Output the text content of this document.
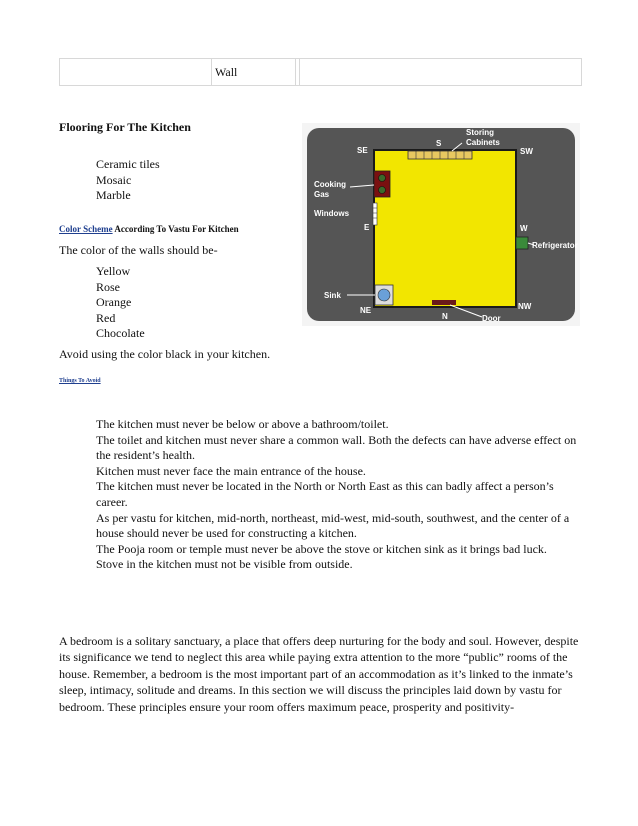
Wall
Flooring For The Kitchen
Ceramic tiles
Mosaic
Marble
Color Scheme According To Vastu For Kitchen
The color of the walls should be-
Yellow
Rose
Orange
Red
Chocolate
Avoid using the color black in your kitchen.
Things To Avoid
The kitchen must never be below or above a bathroom/toilet.
The toilet and kitchen must never share a common wall. Both the defects can have adverse effect on the resident’s health.
Kitchen must never face the main entrance of the house.
The kitchen must never be located in the North or North East as this can badly affect a person’s career.
As per vastu for kitchen, mid-north, northeast, mid-west, mid-south, southwest, and the center of a house should never be used for constructing a kitchen.
The Pooja room or temple must never be above the stove or kitchen sink as it brings bad luck.
Stove in the kitchen must not be visible from outside.
A bedroom is a solitary sanctuary, a place that offers deep nurturing for the body and soul. However, despite its significance we tend to neglect this area while paying extra attention to the more “public” rooms of the house. Remember, a bedroom is the most important part of an accommodation as it’s linked to the inmate’s sleep, intimacy, solitude and dreams. In this section we will discuss the principles laid down by vastu for bedroom. These principles ensure your room offers maximum peace, prosperity and positivity-
SE
S
SW
Storing
Cabinets
Cooking
Gas
Windows
E	W
Refrigerator
Sink
NE
N
NW
Door
